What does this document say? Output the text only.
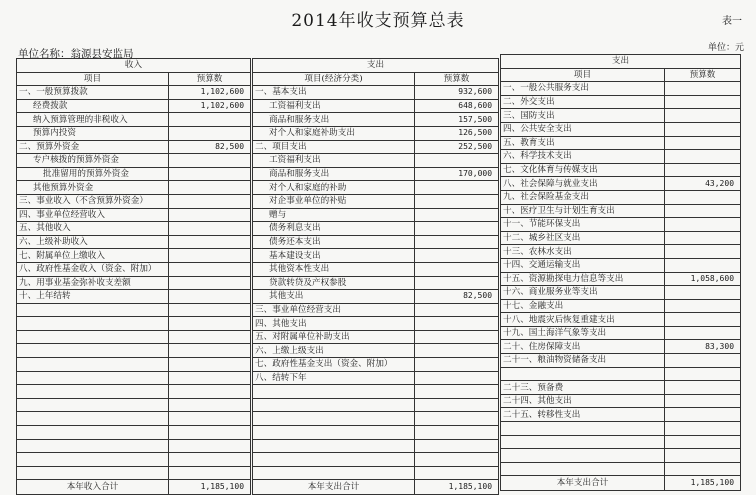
2014年收支预算总表	表一
单位：元
单位名称：翁源县安监局
收入	
项目	预算数
一、一般预算拨款	1,102,600
经费拨款	1,102,600
纳入预算管理的非税收入	
预算内投资	
二、预算外资金	82,500
专户核拨的预算外资金	
批准留用的预算外资金	
其他预算外资金	
三、事业收入（不含预算外资金）	
四、事业单位经营收入	
五、其他收入	
六、上级补助收入	
七、附属单位上缴收入	
八、政府性基金收入（资金、附加）	
九、用事业基金弥补收支差额	
十、上年结转	

本年收入合计	1,185,100
支出	
项目(经济分类)	预算数
一、基本支出	932,600
工资福利支出	648,600
商品和服务支出	157,500
对个人和家庭补助支出	126,500
二、项目支出	252,500
工资福利支出	
商品和服务支出	170,000
对个人和家庭的补助	
对企事业单位的补贴	
赠与	
债务利息支出	
债务还本支出	
基本建设支出	
其他资本性支出	
贷款转贷及产权参股	
其他支出	82,500
三、事业单位经营支出	
四、其他支出	
五、对附属单位补助支出	
六、上缴上级支出	
七、政府性基金支出（资金、附加）	
八、结转下年	

本年支出合计	1,185,100
支出	
项目	预算数
一、一般公共服务支出	
二、外交支出	
三、国防支出	
四、公共安全支出	
五、教育支出	
六、科学技术支出	
七、文化体育与传媒支出	
八、社会保障与就业支出	43,200
九、社会保险基金支出	
十、医疗卫生与计划生育支出	
十一、节能环保支出	
十二、城乡社区支出	
十三、农林水支出	
十四、交通运输支出	
十五、资源勘探电力信息等支出	1,058,600
十六、商业服务业等支出	
十七、金融支出	
十八、地震灾后恢复重建支出	
十九、国土海洋气象等支出	
二十、住房保障支出	83,300
二十一、粮油物资储备支出	

二十三、预备费	
二十四、其他支出	
二十五、转移性支出	

本年支出合计	1,185,100
